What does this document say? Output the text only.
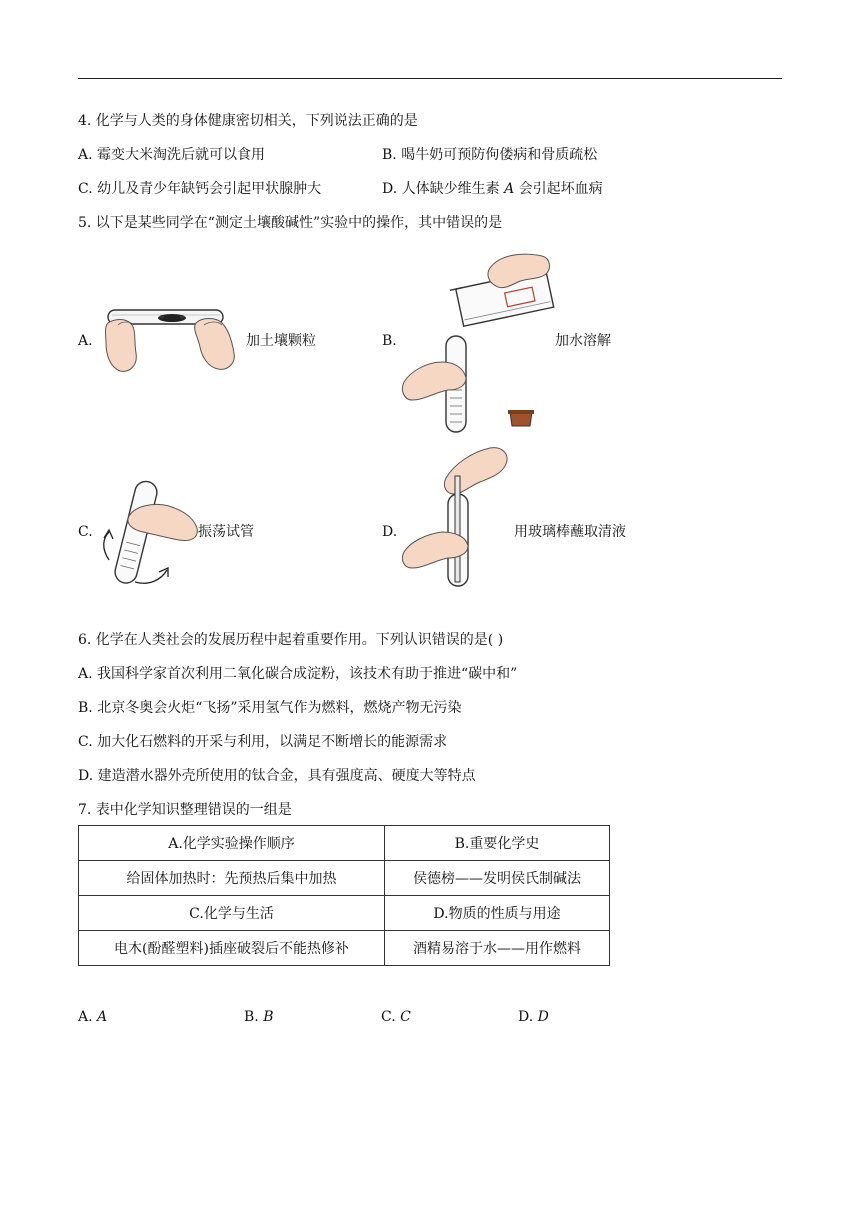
4. 化学与人类的身体健康密切相关，下列说法正确的是
A. 霉变大米淘洗后就可以食用	B. 喝牛奶可预防佝偻病和骨质疏松
C. 幼儿及青少年缺钙会引起甲状腺肿大	D. 人体缺少维生素 A 会引起坏血病
5. 以下是某些同学在“测定土壤酸碱性”实验中的操作，其中错误的是
A.	加土壤颗粒	B.	加水溶解
C.	振荡试管	D.	用玻璃棒蘸取清液
6. 化学在人类社会的发展历程中起着重要作用。下列认识错误的是( )
A. 我国科学家首次利用二氧化碳合成淀粉，该技术有助于推进“碳中和”
B. 北京冬奥会火炬“飞扬”采用氢气作为燃料，燃烧产物无污染
C. 加大化石燃料的开采与利用，以满足不断增长的能源需求
D. 建造潜水器外壳所使用的钛合金，具有强度高、硬度大等特点
7. 表中化学知识整理错误的一组是
A.化学实验操作顺序	B.重要化学史
给固体加热时：先预热后集中加热	侯德榜——发明侯氏制碱法
C.化学与生活	D.物质的性质与用途
电木(酚醛塑料)插座破裂后不能热修补	酒精易溶于水——用作燃料
A. A	B. B	C. C	D. D
